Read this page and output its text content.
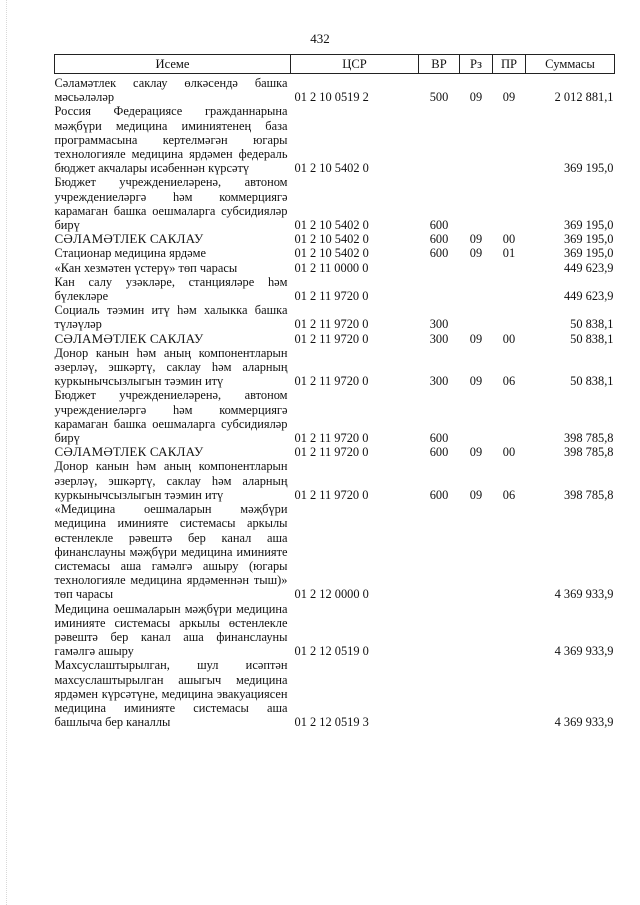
432
Исеме	ЦСР	ВР	Рз	ПР	Суммасы
Сәламәтлек саклау өлкәсендә башка мәсьәләләр	01 2 10 0519 2	500	09	09	2 012 881,1
Россия Федерациясе гражданнарына мәҗбүри медицина иминиятенең база программасына кертелмәгән югары технологияле медицина ярдәмен федераль бюджет акчалары исәбеннән күрсәтү	01 2 10 5402 0				369 195,0
Бюджет учреждениеләренә, автоном учреждениеләргә һәм коммерциягә карамаган башка оешмаларга субсидияләр бирү	01 2 10 5402 0	600			369 195,0
СӘЛАМӘТЛЕК САКЛАУ	01 2 10 5402 0	600	09	00	369 195,0
Стационар медицина ярдәме	01 2 10 5402 0	600	09	01	369 195,0
«Кан хезмәтен үстерү» төп чарасы	01 2 11 0000 0				449 623,9
Кан салу узәкләре, станцияләре һәм бүлекләре	01 2 11 9720 0				449 623,9
Социаль тәэмин итү һәм халыкка башка түләүләр	01 2 11 9720 0	300			50 838,1
СӘЛАМӘТЛЕК САКЛАУ	01 2 11 9720 0	300	09	00	50 838,1
Донор канын һәм аның компонентларын әзерләү, эшкәртү, саклау һәм аларның куркынычсызлыгын тәэмин итү	01 2 11 9720 0	300	09	06	50 838,1
Бюджет учреждениеләренә, автоном учреждениеләргә һәм коммерциягә карамаган башка оешмаларга субсидияләр бирү	01 2 11 9720 0	600			398 785,8
СӘЛАМӘТЛЕК САКЛАУ	01 2 11 9720 0	600	09	00	398 785,8
Донор канын һәм аның компонентларын әзерләү, эшкәртү, саклау һәм аларның куркынычсызлыгын тәэмин итү	01 2 11 9720 0	600	09	06	398 785,8
«Медицина оешмаларын мәҗбүри медицина иминияте системасы аркылы өстенлекле рәвештә бер канал аша финанслауны мәҗбүри медицина иминияте системасы аша гамәлгә ашыру (югары технологияле медицина ярдәменнән тыш)» төп чарасы	01 2 12 0000 0				4 369 933,9
Медицина оешмаларын мәҗбүри медицина иминияте системасы аркылы өстенлекле рәвештә бер канал аша финанслауны гамәлгә ашыру	01 2 12 0519 0				4 369 933,9
Махсуслаштырылган, шул исәптән махсуслаштырылган ашыгыч медицина ярдәмен күрсәтүне, медицина эвакуациясен медицина иминияте системасы аша башлыча бер каналлы	01 2 12 0519 3				4 369 933,9
